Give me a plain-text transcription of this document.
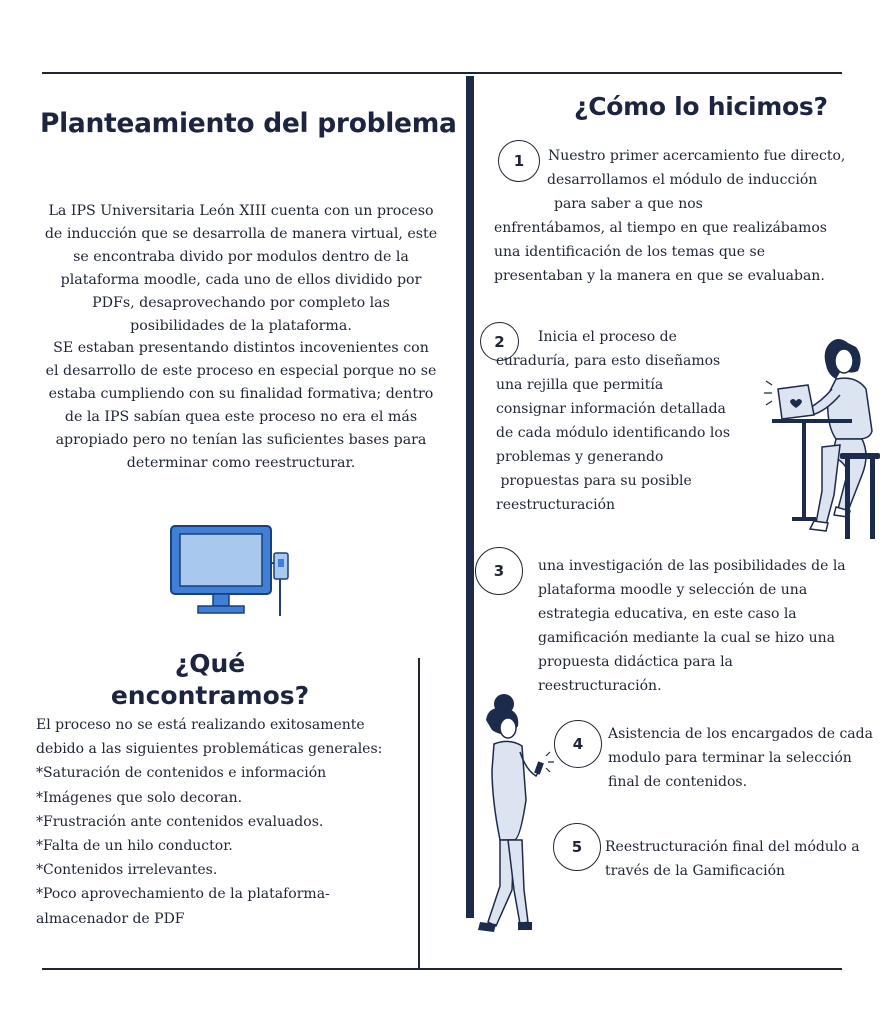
Planteamiento del problema

La IPS Universitaria León XIII cuenta con un proceso
de inducción que se desarrolla de manera virtual, este
se encontraba divido por modulos dentro de la
plataforma moodle, cada uno de ellos dividido por
PDFs, desaprovechando por completo las
posibilidades de la plataforma.
SE estaban presentando distintos incovenientes con
el desarrollo de este proceso en especial porque no se
estaba cumpliendo con su finalidad formativa; dentro
de la IPS sabían quea este proceso no era el más
apropiado pero no tenían las suficientes bases para
determinar como reestructurar.

¿Qué
encontramos?

El proceso no se está realizando exitosamente
debido a las siguientes problemáticas generales:
*Saturación de contenidos e información
*Imágenes que solo decoran.
*Frustración ante contenidos evaluados.
*Falta de un hilo conductor.
*Contenidos irrelevantes.
*Poco aprovechamiento de la plataforma-
almacenador de PDF

¿Cómo lo hicimos?
1	Nuestro primer acercamiento fue directo,
desarrollamos el módulo de inducción
para saber a que nos
enfrentábamos, al tiempo en que realizábamos
una identificación de los temas que se
presentaban y la manera en que se evaluaban.
2	Inicia el proceso de
curaduría, para esto diseñamos
una rejilla que permitía
consignar información detallada
de cada módulo identificando los
problemas y generando
propuestas para su posible
reestructuración
3	una investigación de las posibilidades de la
plataforma moodle y selección de una
estrategia educativa, en este caso la
gamificación mediante la cual se hizo una
propuesta didáctica para la
reestructuración.
4
Asistencia de los encargados de cada
modulo para terminar la selección
final de contenidos.
5	Reestructuración final del módulo a
través de la Gamificación
